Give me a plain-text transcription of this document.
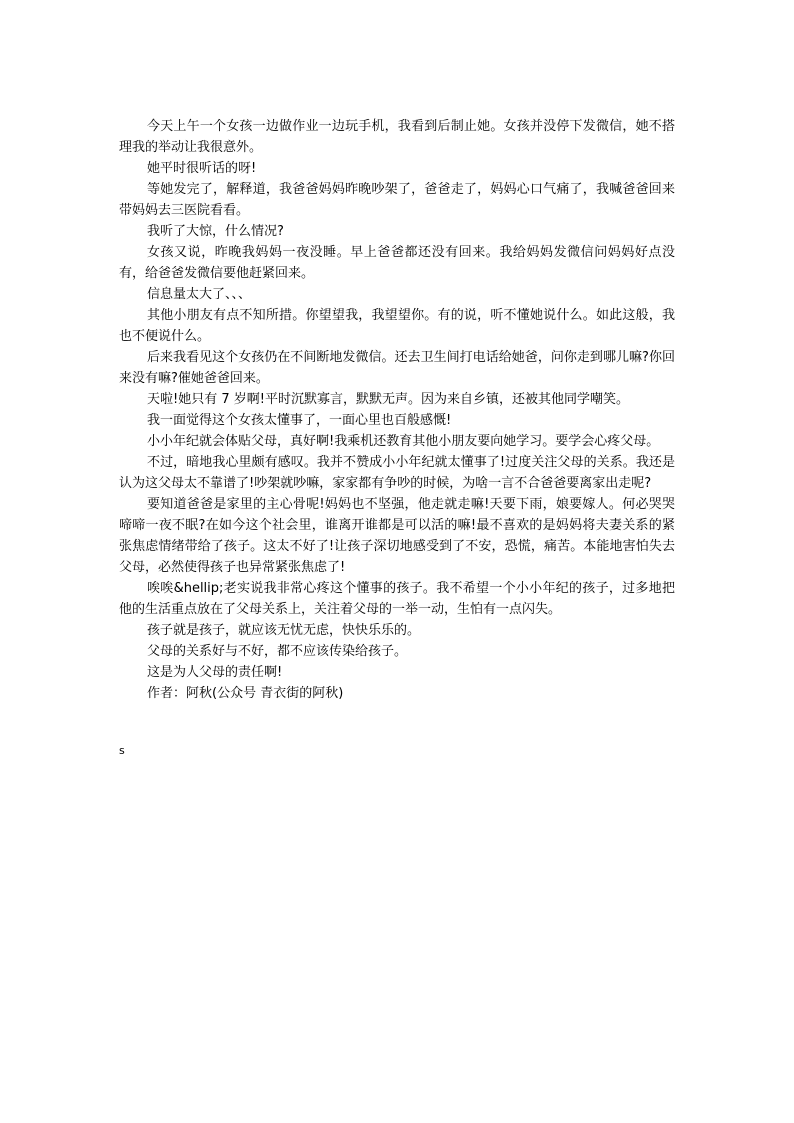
今天上午一个女孩一边做作业一边玩手机，我看到后制止她。女孩并没停下发微信，她不搭理我的举动让我很意外。

她平时很听话的呀!

等她发完了，解释道，我爸爸妈妈昨晚吵架了，爸爸走了，妈妈心口气痛了，我喊爸爸回来带妈妈去三医院看看。

我听了大惊，什么情况?

女孩又说，昨晚我妈妈一夜没睡。早上爸爸都还没有回来。我给妈妈发微信问妈妈好点没有，给爸爸发微信要他赶紧回来。

信息量太大了、、、

其他小朋友有点不知所措。你望望我，我望望你。有的说，听不懂她说什么。如此这般，我也不便说什么。

后来我看见这个女孩仍在不间断地发微信。还去卫生间打电话给她爸，问你走到哪儿嘛?你回来没有嘛?催她爸爸回来。

天啦!她只有 7 岁啊!平时沉默寡言，默默无声。因为来自乡镇，还被其他同学嘲笑。

我一面觉得这个女孩太懂事了，一面心里也百般感慨!

小小年纪就会体贴父母，真好啊!我乘机还教育其他小朋友要向她学习。要学会心疼父母。

不过，暗地我心里颇有感叹。我并不赞成小小年纪就太懂事了!过度关注父母的关系。我还是认为这父母太不靠谱了!吵架就吵嘛，家家都有争吵的时候，为啥一言不合爸爸要离家出走呢?

要知道爸爸是家里的主心骨呢!妈妈也不坚强，他走就走嘛!天要下雨，娘要嫁人。何必哭哭啼啼一夜不眠?在如今这个社会里，谁离开谁都是可以活的嘛!最不喜欢的是妈妈将夫妻关系的紧张焦虑情绪带给了孩子。这太不好了!让孩子深切地感受到了不安，恐慌，痛苦。本能地害怕失去父母，必然使得孩子也异常紧张焦虑了!

唉唉&hellip;老实说我非常心疼这个懂事的孩子。我不希望一个小小年纪的孩子，过多地把他的生活重点放在了父母关系上，关注着父母的一举一动，生怕有一点闪失。

孩子就是孩子，就应该无忧无虑，快快乐乐的。

父母的关系好与不好，都不应该传染给孩子。

这是为人父母的责任啊!

作者：阿秋(公众号 青衣街的阿秋)

s
